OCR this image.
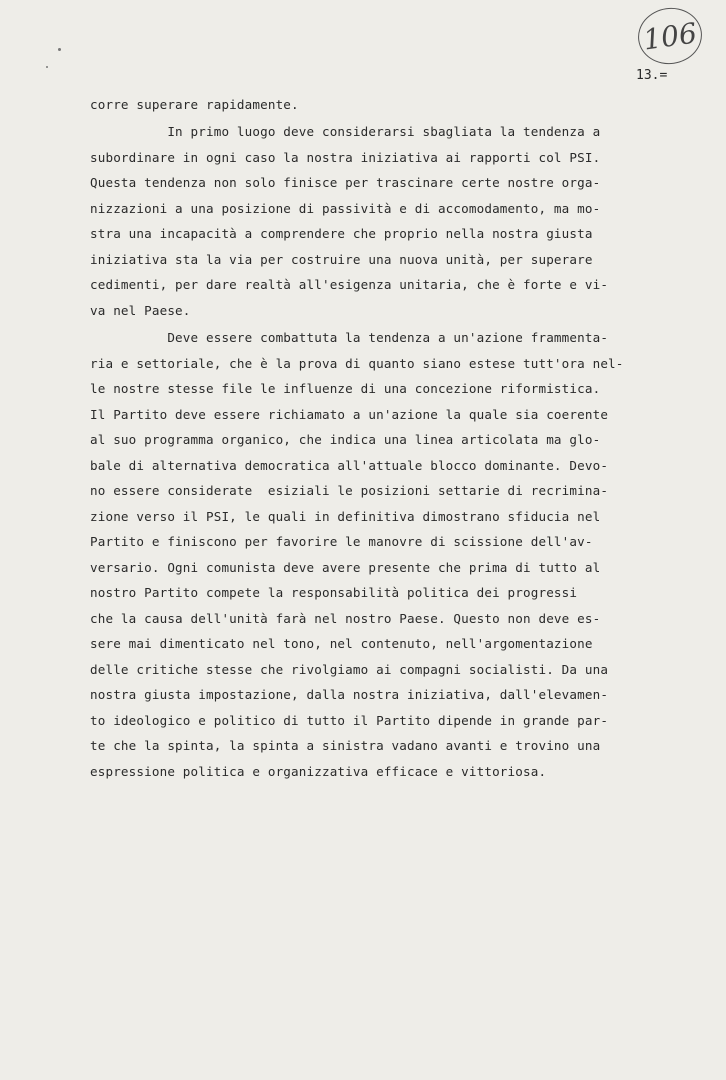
106
13.=
corre superare rapidamente.
In primo luogo deve considerarsi sbagliata la tendenza a
subordinare in ogni caso la nostra iniziativa ai rapporti col PSI.
Questa tendenza non solo finisce per trascinare certe nostre orga-
nizzazioni a una posizione di passività e di accomodamento, ma mo-
stra una incapacità a comprendere che proprio nella nostra giusta
iniziativa sta la via per costruire una nuova unità, per superare
cedimenti, per dare realtà all'esigenza unitaria, che è forte e vi-
va nel Paese.
Deve essere combattuta la tendenza a un'azione frammentа-
ria e settoriale, che è la prova di quanto siano estese tutt'ora nel-
le nostre stesse file le influenze di una concezione riformistica.
Il Partito deve essere richiamato a un'azione la quale sia coerente
al suo programma organico, che indica una linea articolata ma glo-
bale di alternativa democratica all'attuale blocco dominante. Devo-
no essere considerate  esiziali le posizioni settarie di recrimina-
zione verso il PSI, le quali in definitiva dimostrano sfiducia nel
Partito e finiscono per favorire le manovre di scissione dell'av-
versario. Ogni comunista deve avere presente che prima di tutto al
nostro Partito compete la responsabilità politica dei progressi
che la causa dell'unità farà nel nostro Paese. Questo non deve es-
sere mai dimenticato nel tono, nel contenuto, nell'argomentazione
delle critiche stesse che rivolgiamo ai compagni socialisti. Da una
nostra giusta impostazione, dalla nostra iniziativa, dall'elevamen-
to ideologico e politico di tutto il Partito dipende in grande par-
te che la spinta, la spinta a sinistra vadano avanti e trovino una
espressione politica e organizzativa efficace e vittoriosa.
